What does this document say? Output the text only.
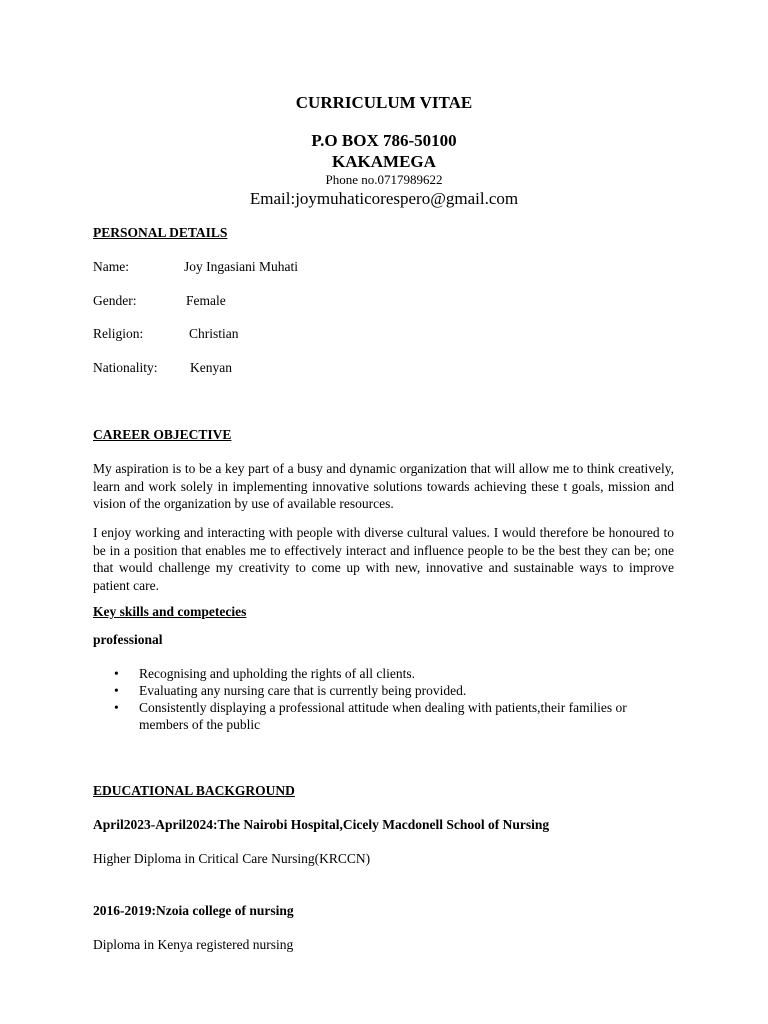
CURRICULUM VITAE
P.O BOX 786-50100
KAKAMEGA
Phone no.0717989622
Email:joymuhaticorespero@gmail.com
PERSONAL DETAILS
Name:	Joy Ingasiani Muhati
Gender:	Female
Religion:	Christian
Nationality: Kenyan
CAREER OBJECTIVE
My aspiration is to be a key part of a busy and dynamic organization that will allow me to think creatively, learn and work solely in implementing innovative solutions towards achieving these t goals, mission and vision of the organization by use of available resources.
I enjoy working and interacting with people with diverse cultural values. I would therefore be honoured to be in a position that enables me to effectively interact and influence people to be the best they can be; one that would challenge my creativity to come up with new, innovative and sustainable ways to improve patient care.
Key skills and competecies
professional
• Recognising and upholding the rights of all clients.
• Evaluating any nursing care that is currently being provided.
• Consistently displaying a professional attitude when dealing with patients,their families or members of the public
EDUCATIONAL BACKGROUND
April2023-April2024:The Nairobi Hospital,Cicely Macdonell School of Nursing
Higher Diploma in Critical Care Nursing(KRCCN)
2016-2019:Nzoia college of nursing
Diploma in Kenya registered nursing
